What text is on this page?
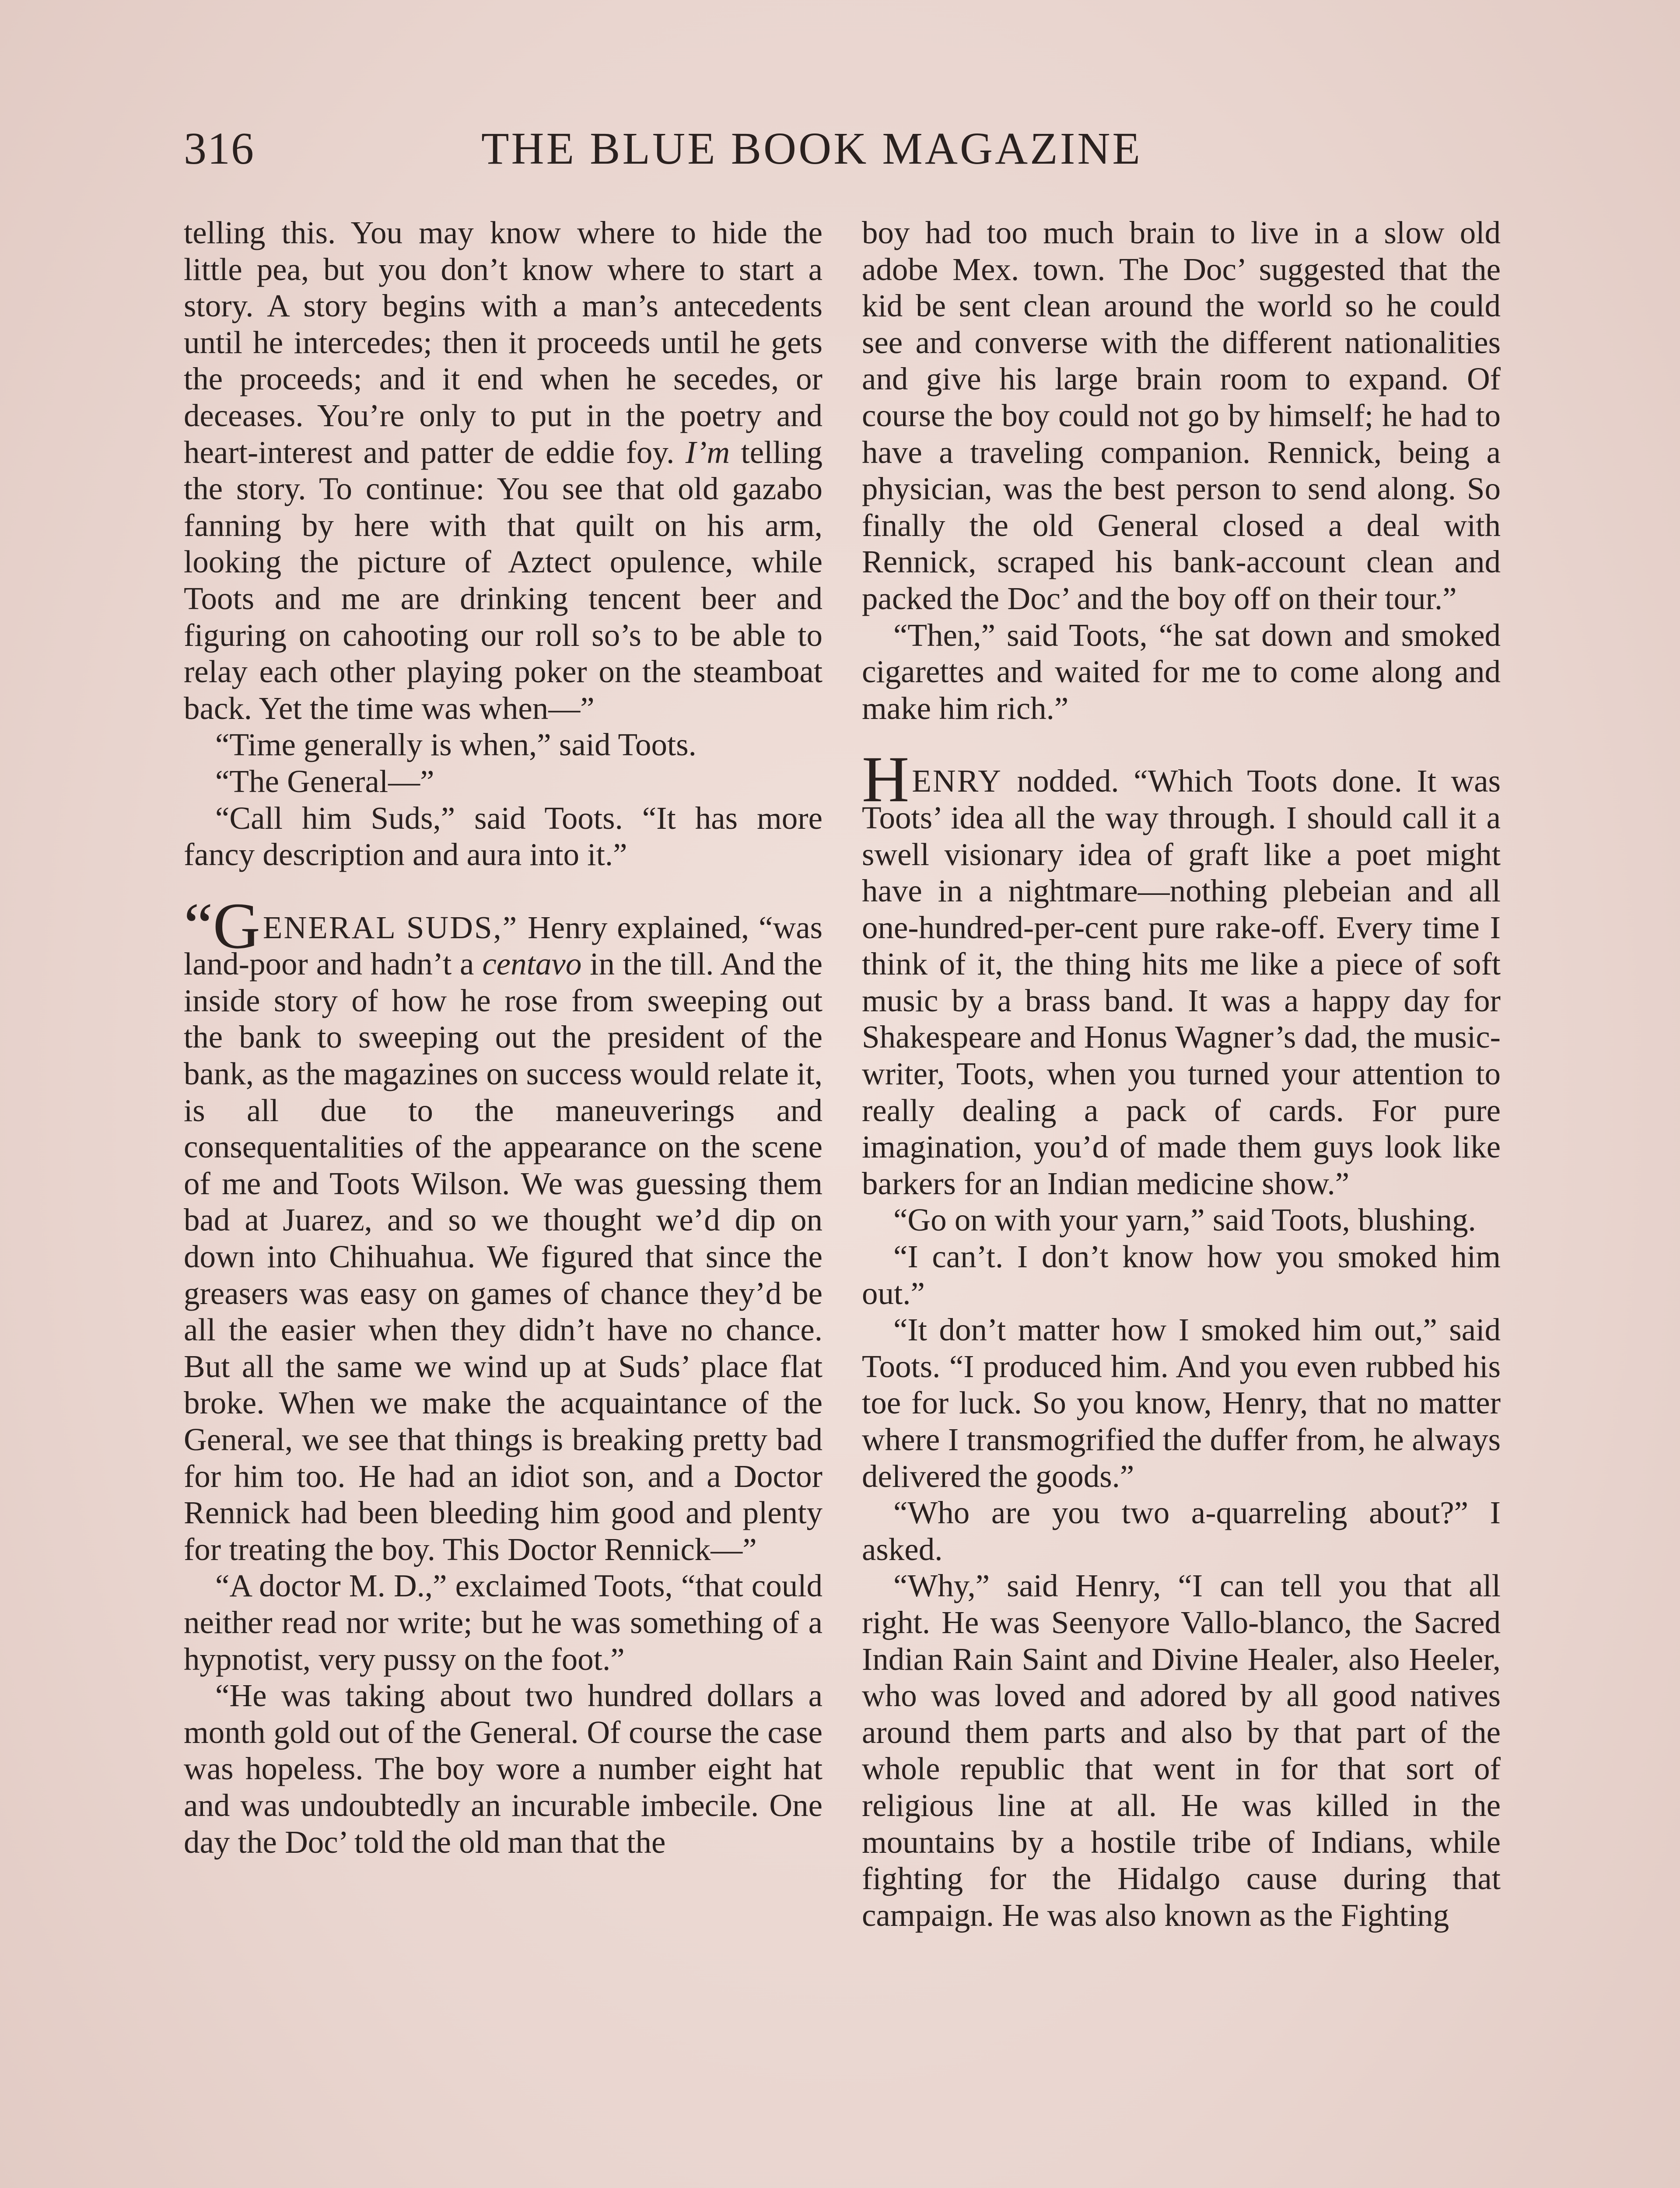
316	THE BLUE BOOK MAGAZINE

telling this. You may know where to hide the little pea, but you don’t know where to start a story. A story begins with a man’s antecedents until he intercedes; then it proceeds until he gets the proceeds; and it end when he secedes, or deceases. You’re only to put in the poetry and heart-interest and patter de eddie foy. I’m telling the story. To continue: You see that old gazabo fanning by here with that quilt on his arm, looking the picture of Aztect opulence, while Toots and me are drinking tencent beer and figuring on cahooting our roll so’s to be able to relay each other playing poker on the steamboat back. Yet the time was when—”

“Time generally is when,” said Toots.

“The General—”

“Call him Suds,” said Toots. “It has more fancy description and aura into it.”

“GENERAL SUDS,” Henry explained, “was land-poor and hadn’t a centavo in the till. And the inside story of how he rose from sweeping out the bank to sweeping out the president of the bank, as the magazines on success would relate it, is all due to the maneuverings and consequentalities of the appearance on the scene of me and Toots Wilson. We was guessing them bad at Juarez, and so we thought we’d dip on down into Chihuahua. We figured that since the greasers was easy on games of chance they’d be all the easier when they didn’t have no chance. But all the same we wind up at Suds’ place flat broke. When we make the acquaintance of the General, we see that things is breaking pretty bad for him too. He had an idiot son, and a Doctor Rennick had been bleeding him good and plenty for treating the boy. This Doctor Rennick—”

“A doctor M. D.,” exclaimed Toots, “that could neither read nor write; but he was something of a hypnotist, very pussy on the foot.”

“He was taking about two hundred dollars a month gold out of the General. Of course the case was hopeless. The boy wore a number eight hat and was undoubtedly an incurable imbecile. One day the Doc’ told the old man that the

boy had too much brain to live in a slow old adobe Mex. town. The Doc’ suggested that the kid be sent clean around the world so he could see and converse with the different nationalities and give his large brain room to expand. Of course the boy could not go by himself; he had to have a traveling companion. Rennick, being a physician, was the best person to send along. So finally the old General closed a deal with Rennick, scraped his bank-account clean and packed the Doc’ and the boy off on their tour.”

“Then,” said Toots, “he sat down and smoked cigarettes and waited for me to come along and make him rich.”

HENRY nodded. “Which Toots done. It was Toots’ idea all the way through. I should call it a swell visionary idea of graft like a poet might have in a nightmare—nothing plebeian and all one-hundred-per-cent pure rake-off. Every time I think of it, the thing hits me like a piece of soft music by a brass band. It was a happy day for Shakespeare and Honus Wagner’s dad, the music-writer, Toots, when you turned your attention to really dealing a pack of cards. For pure imagination, you’d of made them guys look like barkers for an Indian medicine show.”

“Go on with your yarn,” said Toots, blushing.

“I can’t. I don’t know how you smoked him out.”

“It don’t matter how I smoked him out,” said Toots. “I produced him. And you even rubbed his toe for luck. So you know, Henry, that no matter where I transmogrified the duffer from, he always delivered the goods.”

“Who are you two a-quarreling about?” I asked.

“Why,” said Henry, “I can tell you that all right. He was Seenyore Vallo-blanco, the Sacred Indian Rain Saint and Divine Healer, also Heeler, who was loved and adored by all good natives around them parts and also by that part of the whole republic that went in for that sort of religious line at all. He was killed in the mountains by a hostile tribe of Indians, while fighting for the Hidalgo cause during that campaign. He was also known as the Fighting
